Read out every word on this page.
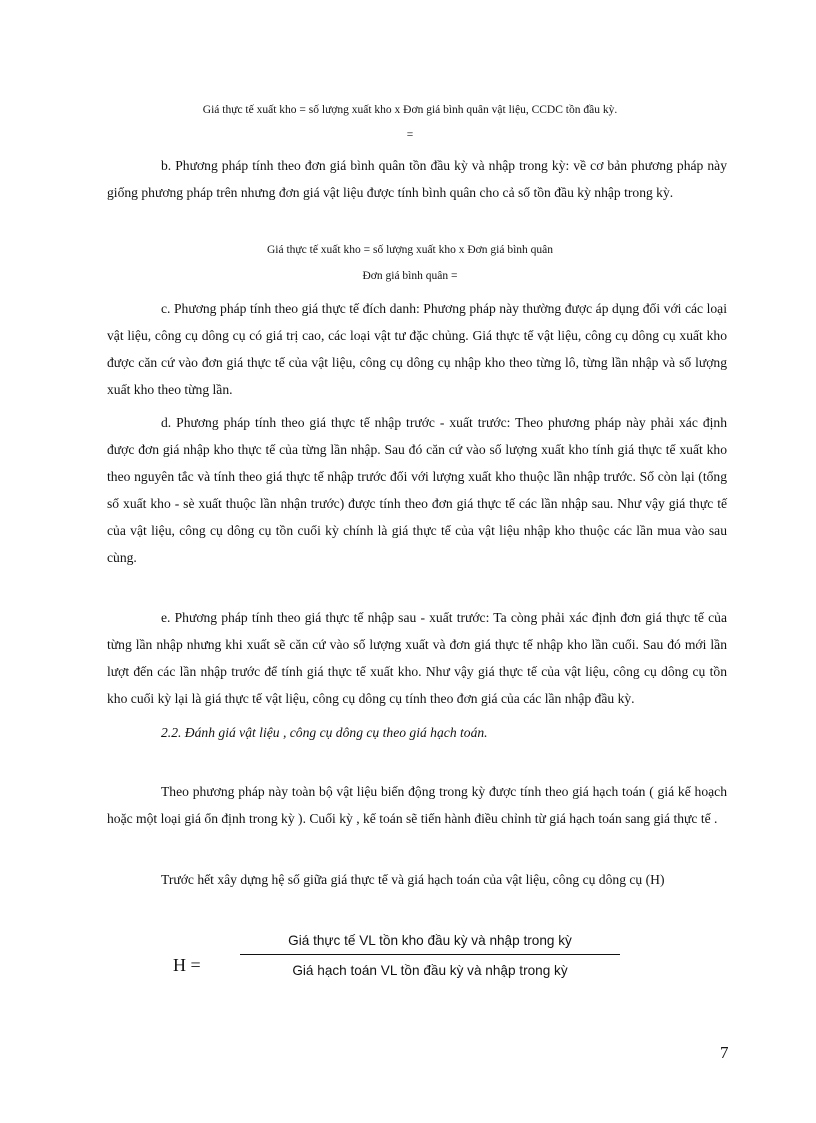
Giá thực tế xuất kho = số lượng xuất kho x Đơn giá bình quân vật liệu, CCDC tồn đầu kỳ.
=

b. Phương pháp tính theo đơn giá bình quân tồn đầu kỳ và nhập trong kỳ: về cơ bản phương pháp này giống phương pháp trên nhưng đơn giá vật liệu được tính bình quân cho cả số tồn đầu kỳ nhập trong kỳ.

Giá thực tế xuất kho = số lượng xuất kho x Đơn giá bình quân
Đơn giá bình quân =

c. Phương pháp tính theo giá thực tế đích danh: Phương pháp này thường được áp dụng đối với các loại vật liệu, công cụ dông cụ có giá trị cao, các loại vật tư đặc chủng. Giá thực tế vật liệu, công cụ dông cụ xuất kho được căn cứ vào đơn giá thực tế của vật liệu, công cụ dông cụ nhập kho theo từng lô, từng lần nhập và số lượng xuất kho theo từng lần.

d. Phương pháp tính theo giá thực tế nhập trước - xuất trước: Theo phương pháp này phải xác định được đơn giá nhập kho thực tế của từng lần nhập. Sau đó căn cứ vào số lượng xuất kho tính giá thực tế xuất kho theo nguyên tắc và tính theo giá thực tế nhập trước đối với lượng xuất kho thuộc lần nhập trước. Số còn lại (tổng số xuất kho - sè xuất thuộc lần nhận trước) được tính theo đơn giá thực tế các lần nhập sau. Như vậy giá thực tế của vật liệu, công cụ dông cụ tồn cuối kỳ chính là giá thực tế của vật liệu nhập kho thuộc các lần mua vào sau cùng.

e. Phương pháp tính theo giá thực tế nhập sau - xuất trước: Ta còng phải xác định đơn giá thực tế của từng lần nhập nhưng khi xuất sẽ căn cứ vào số lượng xuất và đơn giá thực tế nhập kho lần cuối. Sau đó mới lần lượt đến các lần nhập trước để tính giá thực tế xuất kho. Như vậy giá thực tế của vật liệu, công cụ dông cụ tồn kho cuối kỳ lại là giá thực tế vật liệu, công cụ dông cụ tính theo đơn giá của các lần nhập đầu kỳ.

2.2. Đánh giá vật liệu , công cụ dông cụ theo giá hạch toán.

Theo phương pháp này toàn bộ vật liệu biến động trong kỳ được tính theo giá hạch toán ( giá kế hoạch hoặc một loại giá ổn định trong kỳ ). Cuối kỳ , kế toán sẽ tiến hành điều chỉnh từ giá hạch toán sang giá thực tế .

Trước hết xây dựng hệ số giữa giá thực tế và giá hạch toán của vật liệu, công cụ dông cụ (H)

H =
Giá thực tế VL tồn kho đầu kỳ và nhập trong kỳ
Giá hạch toán VL tồn đầu kỳ và nhập trong kỳ
7
